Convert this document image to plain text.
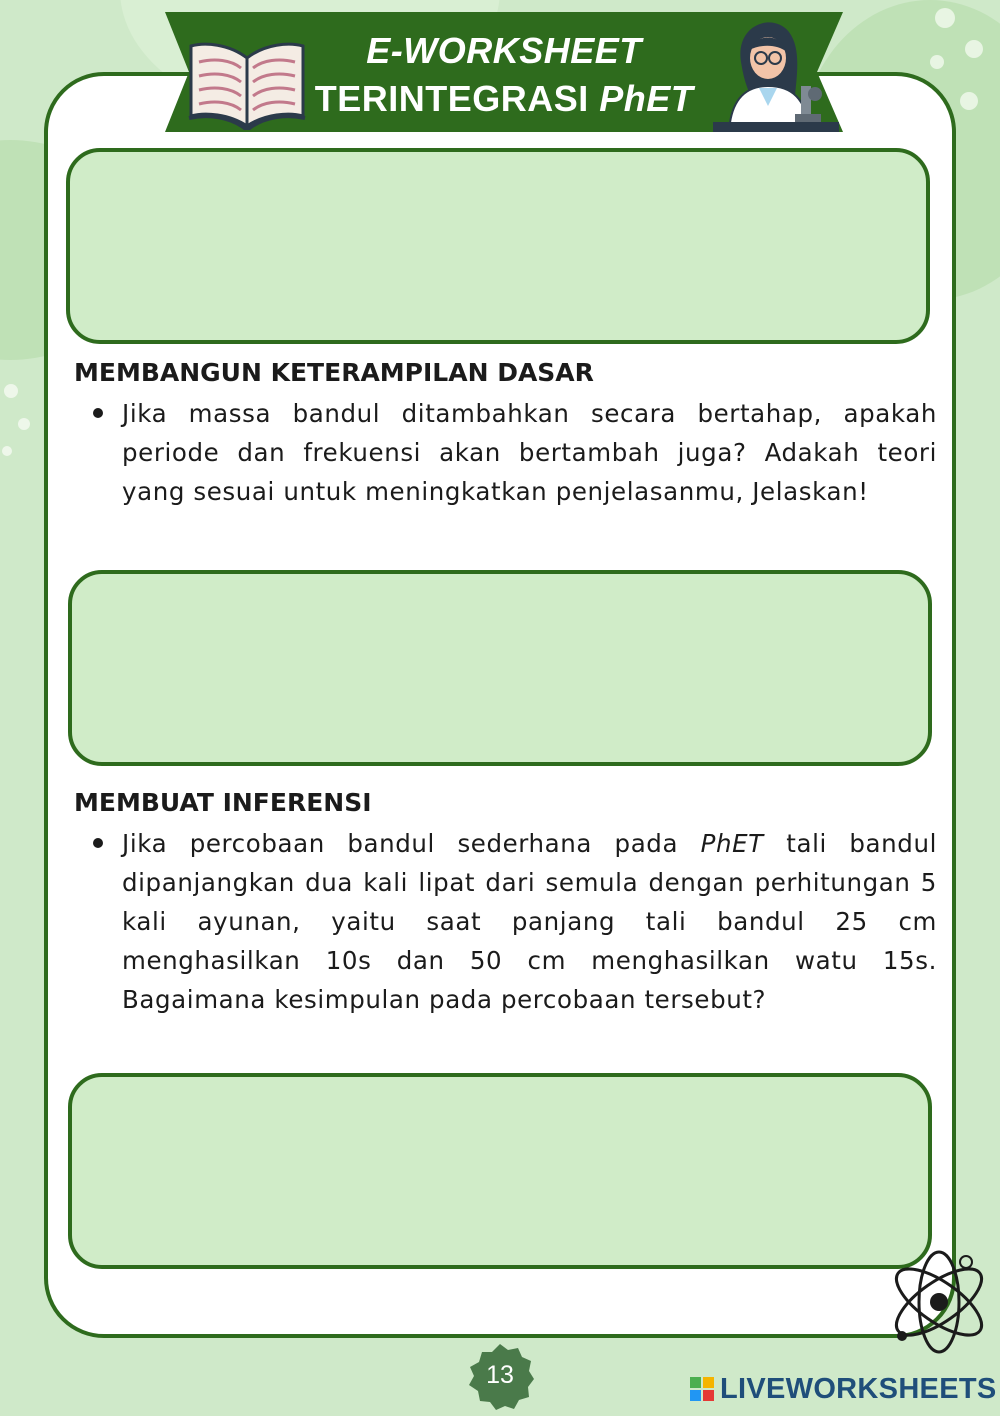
E-WORKSHEET
TERINTEGRASI PhET
MEMBANGUN KETERAMPILAN DASAR

Jika massa bandul ditambahkan secara bertahap, apakah periode dan frekuensi akan bertambah juga? Adakah teori yang sesuai untuk meningkatkan penjelasanmu, Jelaskan!

MEMBUAT INFERENSI

Jika percobaan bandul sederhana pada PhET tali bandul dipanjangkan dua kali lipat dari semula dengan perhitungan 5 kali ayunan, yaitu saat panjang tali bandul 25 cm menghasilkan 10s dan 50 cm menghasilkan watu 15s. Bagaimana kesimpulan pada percobaan tersebut?

13	LIVEWORKSHEETS
